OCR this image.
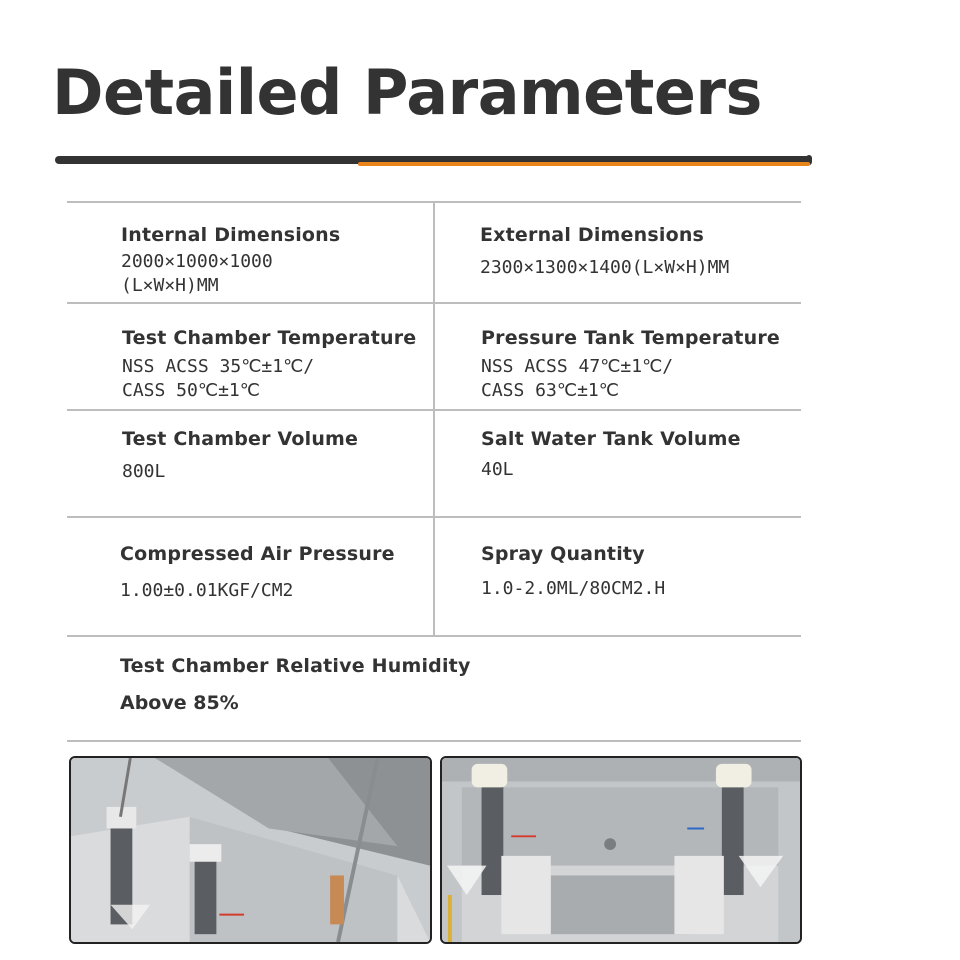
Detailed Parameters
Internal Dimensions
2000×1000×1000
(L×W×H)MM
External Dimensions
2300×1300×1400(L×W×H)MM
Test Chamber Temperature
NSS ACSS 35℃±1℃/
CASS 50℃±1℃
Pressure Tank Temperature
NSS ACSS 47℃±1℃/
CASS 63℃±1℃
Test Chamber Volume
800L
Salt Water Tank Volume
40L
Compressed Air Pressure
1.00±0.01KGF/CM2
Spray Quantity
1.0-2.0ML/80CM2.H
Test Chamber Relative Humidity
Above 85%
